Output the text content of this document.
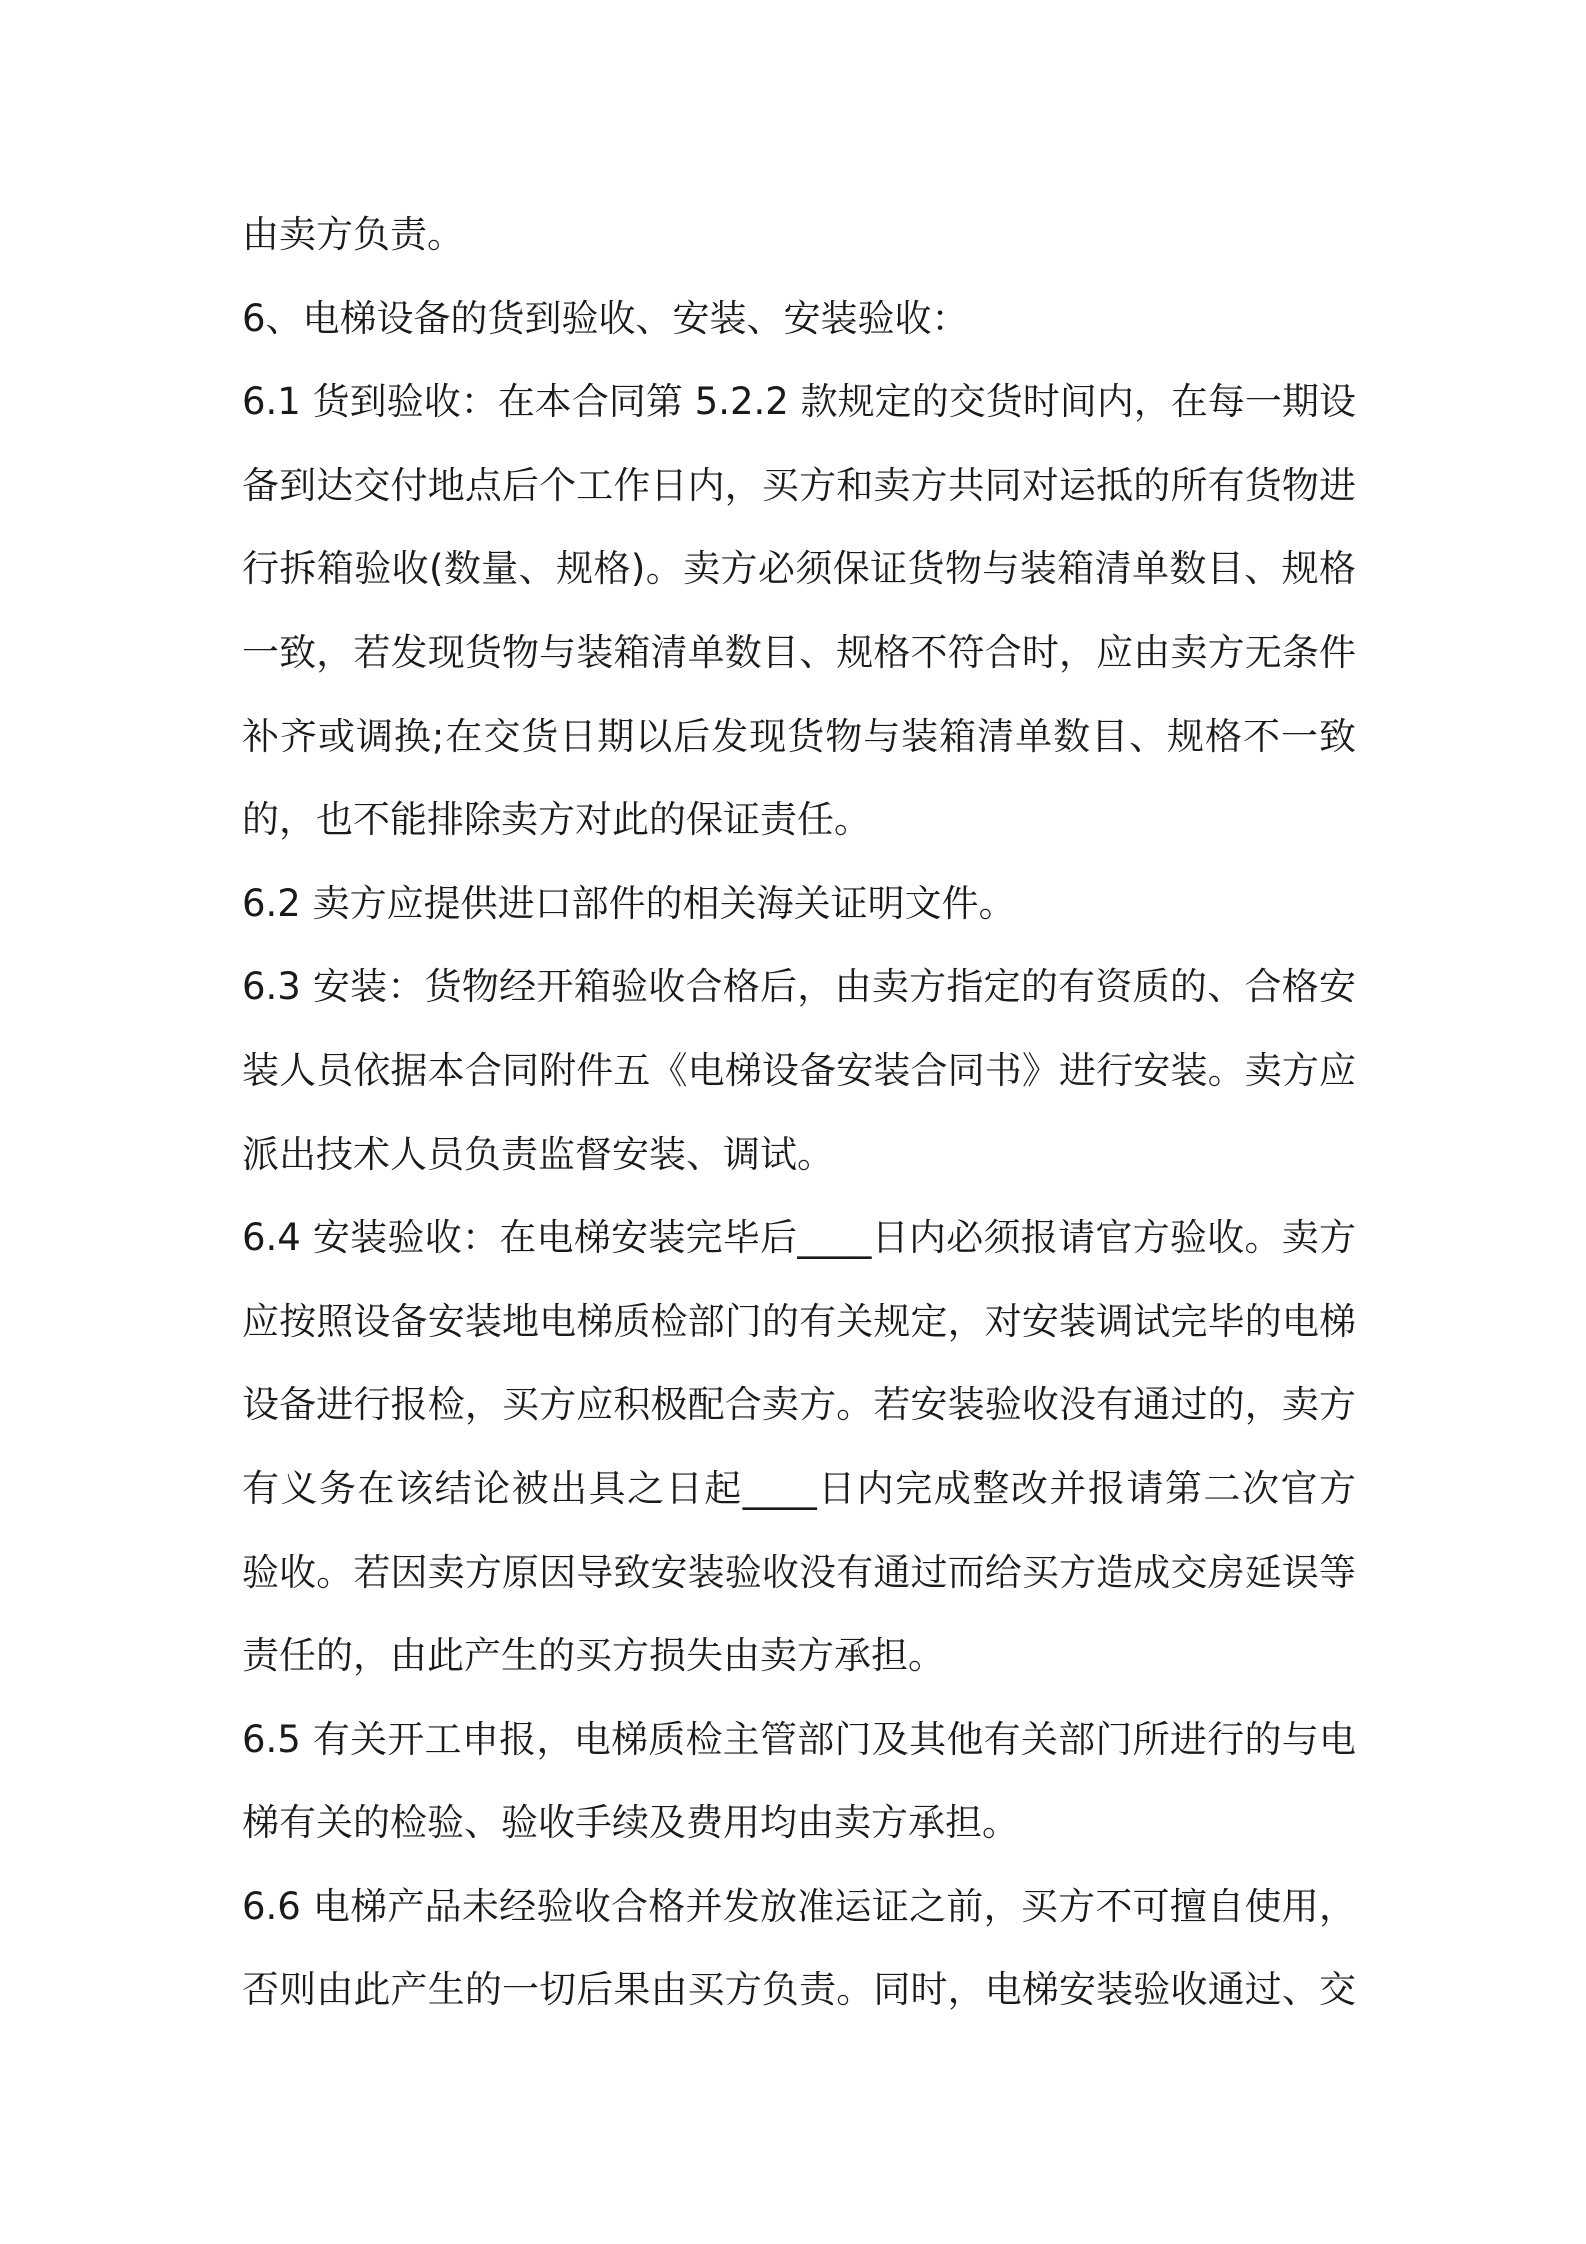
由卖方负责。
6、电梯设备的货到验收、安装、安装验收：
6.1 货到验收：在本合同第 5.2.2 款规定的交货时间内，在每一期设
备到达交付地点后个工作日内，买方和卖方共同对运抵的所有货物进
行拆箱验收(数量、规格)。卖方必须保证货物与装箱清单数目、规格
一致，若发现货物与装箱清单数目、规格不符合时，应由卖方无条件
补齐或调换;在交货日期以后发现货物与装箱清单数目、规格不一致
的，也不能排除卖方对此的保证责任。
6.2 卖方应提供进口部件的相关海关证明文件。
6.3 安装：货物经开箱验收合格后，由卖方指定的有资质的、合格安
装人员依据本合同附件五《电梯设备安装合同书》进行安装。卖方应
派出技术人员负责监督安装、调试。
6.4 安装验收：在电梯安装完毕后____日内必须报请官方验收。卖方
应按照设备安装地电梯质检部门的有关规定，对安装调试完毕的电梯
设备进行报检，买方应积极配合卖方。若安装验收没有通过的，卖方
有义务在该结论被出具之日起____日内完成整改并报请第二次官方
验收。若因卖方原因导致安装验收没有通过而给买方造成交房延误等
责任的，由此产生的买方损失由卖方承担。
6.5 有关开工申报，电梯质检主管部门及其他有关部门所进行的与电
梯有关的检验、验收手续及费用均由卖方承担。
6.6 电梯产品未经验收合格并发放准运证之前，买方不可擅自使用，
否则由此产生的一切后果由买方负责。同时，电梯安装验收通过、交
